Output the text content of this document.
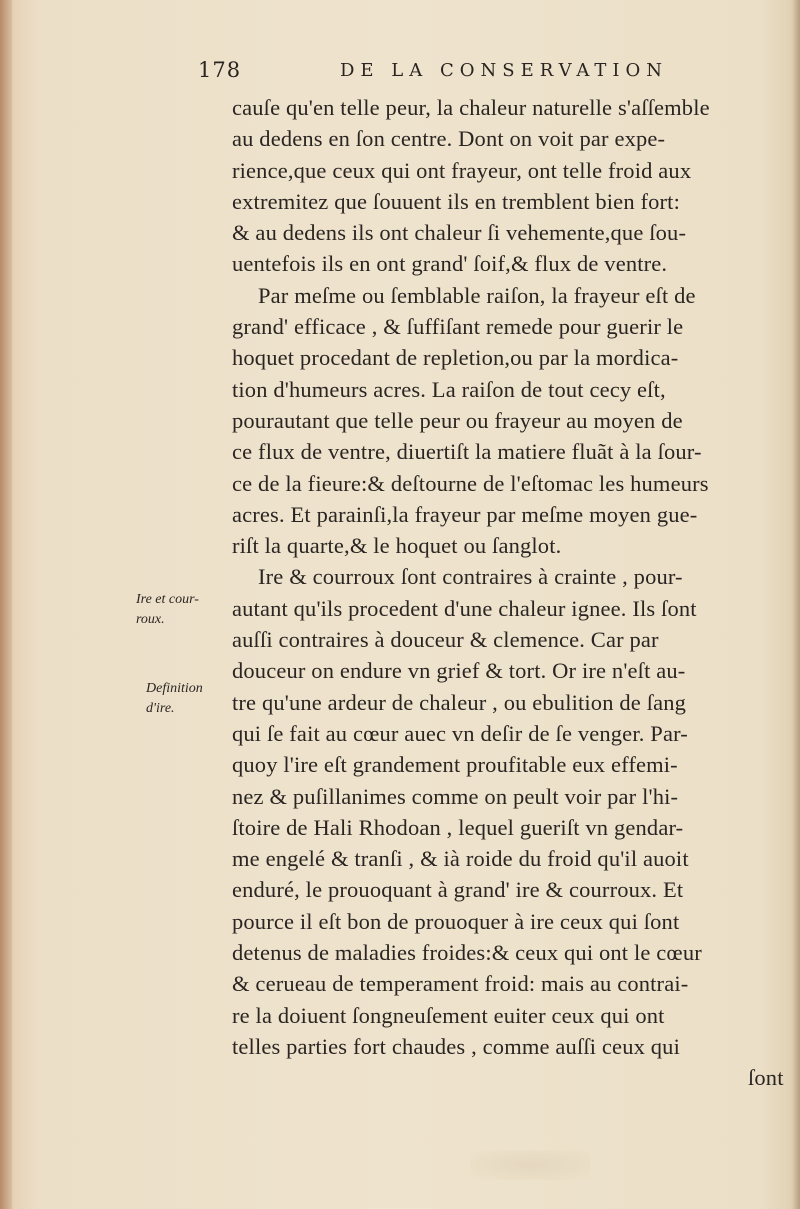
178	DE LA CONSERVATION
Ire et cour-
roux.
Definition
d'ire.
cauſe qu'en telle peur, la chaleur naturelle s'aſſemble
au dedens en ſon centre. Dont on voit par expe-
rience,que ceux qui ont frayeur, ont telle froid aux
extremitez que ſouuent ils en tremblent bien fort:
& au dedens ils ont chaleur ſi vehemente,que ſou-
uentefois ils en ont grand' ſoif,& flux de ventre.
Par meſme ou ſemblable raiſon, la frayeur eſt de
grand' efficace , & ſuffiſant remede pour guerir le
hoquet procedant de repletion,ou par la mordica-
tion d'humeurs acres. La raiſon de tout cecy eſt,
pourautant que telle peur ou frayeur au moyen de
ce flux de ventre, diuertiſt la matiere fluãt à la ſour-
ce de la fieure:& deſtourne de l'eſtomac les humeurs
acres. Et parainſi,la frayeur par meſme moyen gue-
riſt la quarte,& le hoquet ou ſanglot.
Ire & courroux ſont contraires à crainte , pour-
autant qu'ils procedent d'une chaleur ignee. Ils ſont
auſſi contraires à douceur & clemence. Car par
douceur on endure vn grief & tort. Or ire n'eſt au-
tre qu'une ardeur de chaleur , ou ebulition de ſang
qui ſe fait au cœur auec vn deſir de ſe venger. Par-
quoy l'ire eſt grandement proufitable eux effemi-
nez & puſillanimes comme on peult voir par l'hi-
ſtoire de Hali Rhodoan , lequel gueriſt vn gendar-
me engelé & tranſi , & ià roide du froid qu'il auoit
enduré, le prouoquant à grand' ire & courroux. Et
pource il eſt bon de prouoquer à ire ceux qui ſont
detenus de maladies froides:& ceux qui ont le cœur
& cerueau de temperament froid: mais au contrai-
re la doiuent ſongneuſement euiter ceux qui ont
telles parties fort chaudes , comme auſſi ceux qui
ſont
